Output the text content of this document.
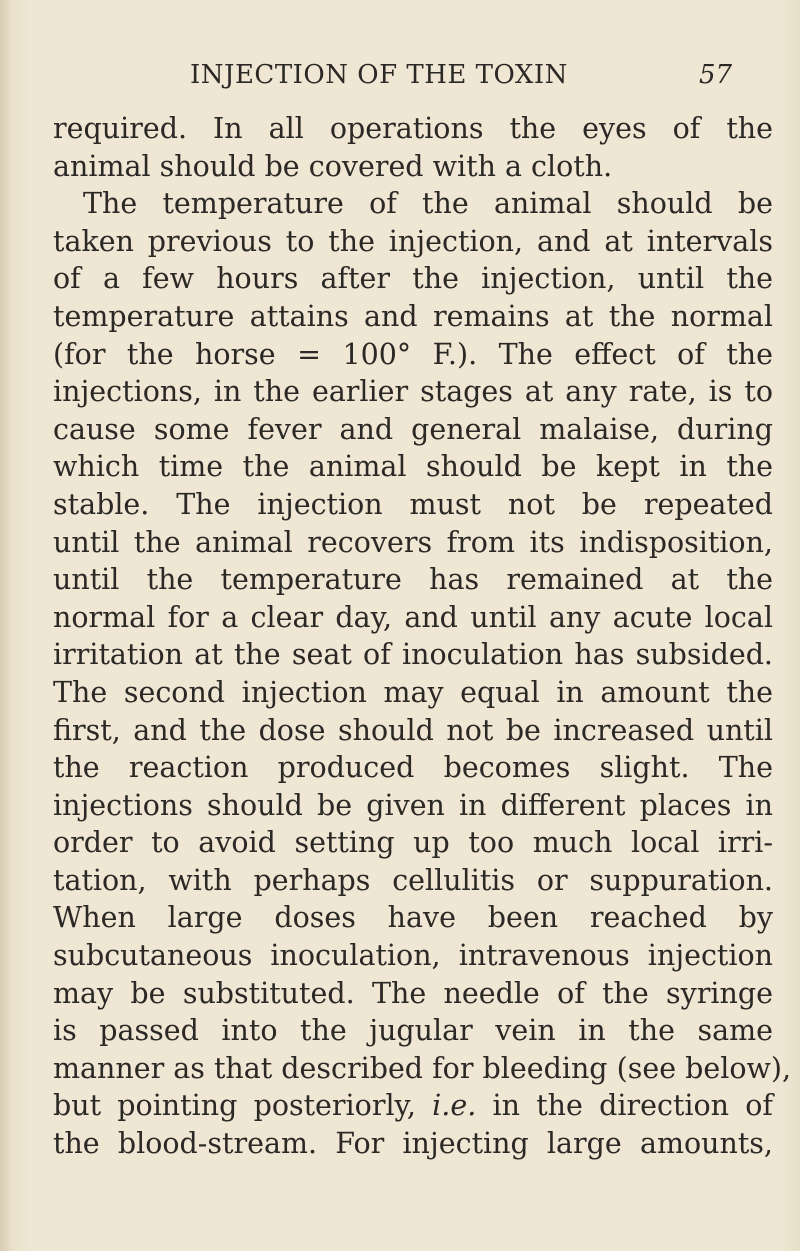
INJECTION OF THE TOXIN	57
required. In all operations the eyes of the
animal should be covered with a cloth.
The temperature of the animal should be
taken previous to the injection, and at intervals
of a few hours after the injection, until the
temperature attains and remains at the normal
(for the horse = 100° F.). The effect of the
injections, in the earlier stages at any rate, is to
cause some fever and general malaise, during
which time the animal should be kept in the
stable. The injection must not be repeated
until the animal recovers from its indisposition,
until the temperature has remained at the
normal for a clear day, and until any acute local
irritation at the seat of inoculation has subsided.
The second injection may equal in amount the
first, and the dose should not be increased until
the reaction produced becomes slight. The
injections should be given in different places in
order to avoid setting up too much local irri-
tation, with perhaps cellulitis or suppuration.
When large doses have been reached by
subcutaneous inoculation, intravenous injection
may be substituted. The needle of the syringe
is passed into the jugular vein in the same
manner as that described for bleeding (see below),
but pointing posteriorly, i.e. in the direction of
the blood-stream. For injecting large amounts,
